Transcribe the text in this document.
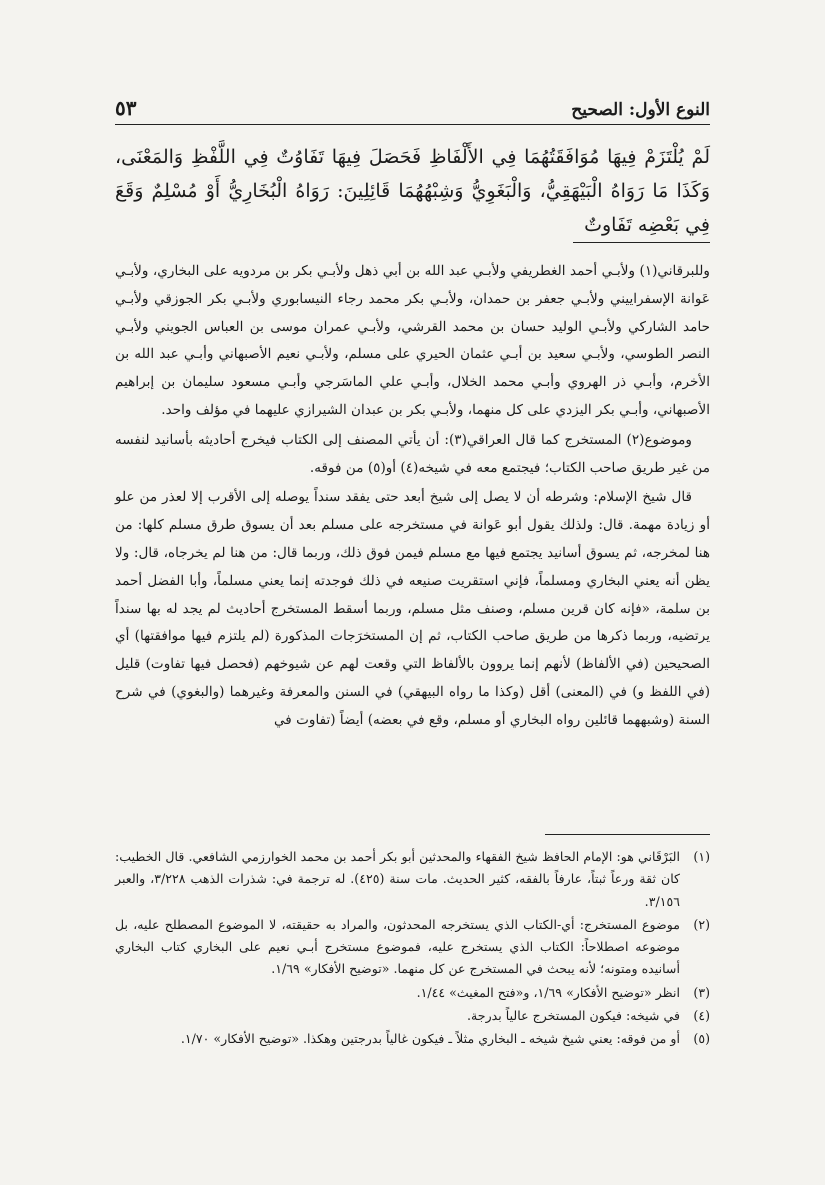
النوع الأول: الصحيح
٥٣

لَمْ يُلْتَزَمْ فِيهَا مُوَافَقَتُهُمَا فِي الأَلْفَاظِ فَحَصَلَ فِيهَا تَفَاوُتٌ فِي اللَّفْظِ وَالمَعْنَى، وَكَذَا مَا رَوَاهُ الْبَيْهَقِيُّ، وَالْبَغَوِيُّ وَشِبْهُهُمَا قَائِلِينَ: رَوَاهُ الْبُخَارِيُّ أَوْ مُسْلِمٌ وَقَعَ فِي بَعْضِه تَفَاوتٌ

وللبرقاني(١) ولأبـي أحمد الغطريفي ولأبـي عبد الله بن أبي ذهل ولأبـي بكر بن مردويه على البخاري، ولأبـي عَوانة الإسفراييني ولأبـي جعفر بن حمدان، ولأبـي بكر محمد رجاء النيسابوري ولأبـي بكر الجوزقي ولأبـي حامد الشاركي ولأبـي الوليد حسان بن محمد القرشي، ولأبـي عمران موسى بن العباس الجويني ولأبـي النصر الطوسي، ولأبـي سعيد بن أبـي عثمان الحيري على مسلم، ولأبـي نعيم الأصبهاني وأبـي عبد الله بن الأخرم، وأبـي ذر الهروي وأبـي محمد الخلال، وأبـي علي الماسَرجي وأبـي مسعود سليمان بن إبراهيم الأصبهاني، وأبـي بكر اليزدي على كل منهما، ولأبـي بكر بن عبدان الشيرازي عليهما في مؤلف واحد.

وموضوع(٢) المستخرج كما قال العراقي(٣): أن يأتي المصنف إلى الكتاب فيخرج أحاديثه بأسانيد لنفسه من غير طريق صاحب الكتاب؛ فيجتمع معه في شيخه(٤) أو(٥) من فوقه.

قال شيخ الإسلام: وشرطه أن لا يصل إلى شيخ أبعد حتى يفقد سنداً يوصله إلى الأقرب إلا لعذر من علو أو زيادة مهمة. قال: ولذلك يقول أبو عَوانة في مستخرجه على مسلم بعد أن يسوق طرق مسلم كلها: من هنا لمخرجه، ثم يسوق أسانيد يجتمع فيها مع مسلم فيمن فوق ذلك، وربما قال: من هنا لم يخرجاه، قال: ولا يظن أنه يعني البخاري ومسلماً، فإني استقريت صنيعه في ذلك فوجدته إنما يعني مسلماً، وأبا الفضل أحمد بن سلمة، «فإنه كان قرين مسلم، وصنف مثل مسلم، وربما أسقط المستخرج أحاديث لم يجد له بها سنداً يرتضيه، وربما ذكرها من طريق صاحب الكتاب، ثم إن المستخرَجات المذكورة (لم يلتزم فيها موافقتها) أي الصحيحين (في الألفاظ) لأنهم إنما يروون بالألفاظ التي وقعت لهم عن شيوخهم (فحصل فيها تفاوت) قليل (في اللفظ و) في (المعنى) أقل (وكذا ما رواه البيهقي) في السنن والمعرفة وغيرهما (والبغوي) في شرح السنة (وشبههما قائلين رواه البخاري أو مسلم، وقع في بعضه) أيضاً (تفاوت في

(١)
البَرْقَاني هو: الإمام الحافظ شيخ الفقهاء والمحدثين أبو بكر أحمد بن محمد الخوارزمي الشافعي. قال الخطيب: كان ثقة ورعاً ثبتاً، عارفاً بالفقه، كثير الحديث. مات سنة (٤٢٥). له ترجمة في: شذرات الذهب ٣/٢٢٨، والعبر ٣/١٥٦.
(٢)
موضوع المستخرج: أي-الكتاب الذي يستخرجه المحدثون، والمراد به حقيقته، لا الموضوع المصطلح عليه، بل موضوعه اصطلاحاً: الكتاب الذي يستخرج عليه، فموضوع مستخرج أبـي نعيم على البخاري كتاب البخاري أسانيده ومتونه؛ لأنه يبحث في المستخرج عن كل منهما. «توضيح الأفكار» ١/٦٩.
(٣)
انظر «توضيح الأفكار» ١/٦٩، و«فتح المغيث» ١/٤٤.
(٤)
في شيخه: فيكون المستخرج عالياً بدرجة.
(٥)
أو من فوقه: يعني شيخ شيخه ـ البخاري مثلاً ـ فيكون غالياً بدرجتين وهكذا. «توضيح الأفكار» ١/٧٠.
